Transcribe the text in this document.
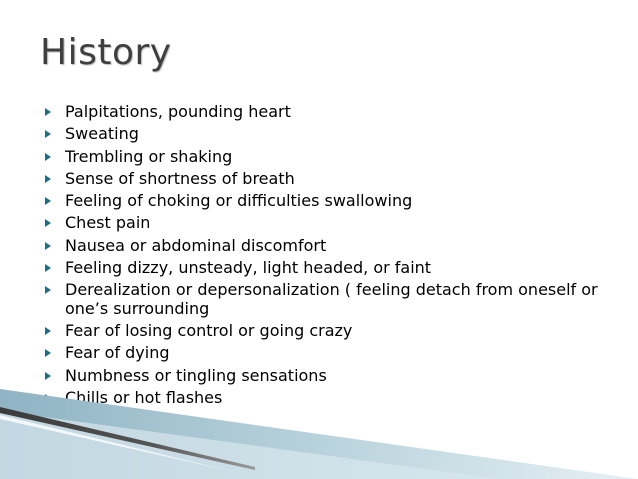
History
Palpitations, pounding heart
Sweating
Trembling or shaking
Sense of shortness of breath
Feeling of choking or difficulties swallowing
Chest pain
Nausea or abdominal discomfort
Feeling dizzy, unsteady, light headed, or faint
Derealization or depersonalization ( feeling detach from oneself or one’s surrounding
Fear of losing control or going crazy
Fear of dying
Numbness or tingling sensations
Chills or hot flashes
